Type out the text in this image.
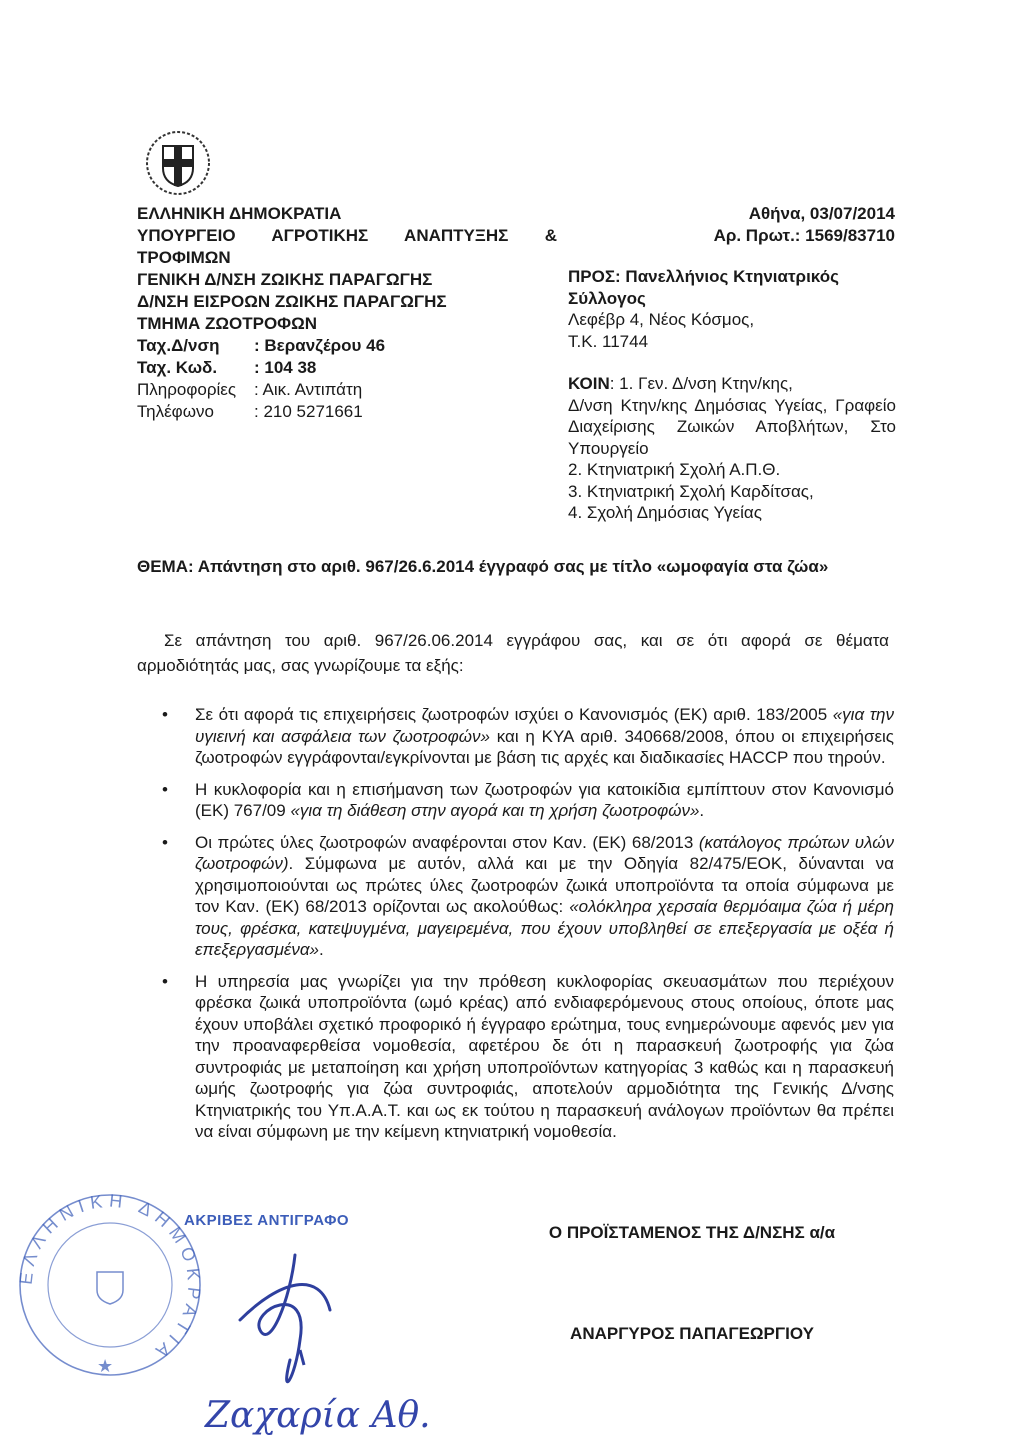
ΕΛΛΗΝΙΚΗ ΔΗΜΟΚΡΑΤΙΑ
ΥΠΟΥΡΓΕΙΟ ΑΓΡΟΤΙΚΗΣ ΑΝΑΠΤΥΞΗΣ & ΤΡΟΦΙΜΩΝ
ΓΕΝΙΚΗ Δ/ΝΣΗ ΖΩΙΚΗΣ ΠΑΡΑΓΩΓΗΣ
Δ/ΝΣΗ ΕΙΣΡΟΩΝ ΖΩΙΚΗΣ ΠΑΡΑΓΩΓΗΣ
ΤΜΗΜΑ ΖΩΟΤΡΟΦΩΝ
Ταχ.Δ/νση	: Βερανζέρου 46
Ταχ. Κωδ.	: 104 38
Πληροφορίες	: Αικ. Αντιπάτη
Τηλέφωνο	: 210 5271661
Αθήνα, 03/07/2014
Αρ. Πρωτ.: 1569/83710
ΠΡΟΣ: Πανελλήνιος Κτηνιατρικός Σύλλογος
Λεφέβρ 4, Νέος Κόσμος,
Τ.Κ. 11744
ΚΟΙΝ: 1. Γεν. Δ/νση Κτην/κης,
Δ/νση Κτην/κης Δημόσιας Υγείας, Γραφείο Διαχείρισης Ζωικών Αποβλήτων, Στο Υπουργείο
2. Κτηνιατρική Σχολή Α.Π.Θ.
3. Κτηνιατρική Σχολή Καρδίτσας,
4. Σχολή Δημόσιας Υγείας
ΘΕΜΑ: Απάντηση στο αριθ. 967/26.6.2014 έγγραφό σας με τίτλο «ωμοφαγία στα ζώα»
Σε απάντηση του αριθ. 967/26.06.2014 εγγράφου σας, και σε ότι αφορά σε θέματα αρμοδιότητάς μας, σας γνωρίζουμε τα εξής:
• Σε ότι αφορά τις επιχειρήσεις ζωοτροφών ισχύει ο Κανονισμός (ΕΚ) αριθ. 183/2005 «για την υγιεινή και ασφάλεια των ζωοτροφών» και η ΚΥΑ αριθ. 340668/2008, όπου οι επιχειρήσεις ζωοτροφών εγγράφονται/εγκρίνονται με βάση τις αρχές και διαδικασίες HACCP που τηρούν.
• Η κυκλοφορία και η επισήμανση των ζωοτροφών για κατοικίδια εμπίπτουν στον Κανονισμό (ΕΚ) 767/09 «για τη διάθεση στην αγορά και τη χρήση ζωοτροφών».
• Οι πρώτες ύλες ζωοτροφών αναφέρονται στον Καν. (ΕΚ) 68/2013 (κατάλογος πρώτων υλών ζωοτροφών). Σύμφωνα με αυτόν, αλλά και με την Οδηγία 82/475/ΕΟΚ, δύνανται να χρησιμοποιούνται ως πρώτες ύλες ζωοτροφών ζωικά υποπροϊόντα τα οποία σύμφωνα με τον Καν. (ΕΚ) 68/2013 ορίζονται ως ακολούθως: «ολόκληρα χερσαία θερμόαιμα ζώα ή μέρη τους, φρέσκα, κατεψυγμένα, μαγειρεμένα, που έχουν υποβληθεί σε επεξεργασία με οξέα ή επεξεργασμένα».
• Η υπηρεσία μας γνωρίζει για την πρόθεση κυκλοφορίας σκευασμάτων που περιέχουν φρέσκα ζωικά υποπροϊόντα (ωμό κρέας) από ενδιαφερόμενους στους οποίους, όποτε μας έχουν υποβάλει σχετικό προφορικό ή έγγραφο ερώτημα, τους ενημερώνουμε αφενός μεν για την προαναφερθείσα νομοθεσία, αφετέρου δε ότι η παρασκευή ζωοτροφής για ζώα συντροφιάς με μεταποίηση και χρήση υποπροϊόντων κατηγορίας 3 καθώς και η παρασκευή ωμής ζωοτροφής για ζώα συντροφιάς, αποτελούν αρμοδιότητα της Γενικής Δ/νσης Κτηνιατρικής του Υπ.Α.Α.Τ. και ως εκ τούτου η παρασκευή ανάλογων προϊόντων θα πρέπει να είναι σύμφωνη με την κείμενη κτηνιατρική νομοθεσία.
ΕΛΛΗΝΙΚΗ ΔΗΜΟΚΡΑΤΙΑ
★
ΑΚΡΙΒΕΣ ΑΝΤΙΓΡΑΦΟ
Ζαχαρία Αθ.
Ο ΠΡΟΪΣΤΑΜΕΝΟΣ ΤΗΣ Δ/ΝΣΗΣ α/α
ΑΝΑΡΓΥΡΟΣ ΠΑΠΑΓΕΩΡΓΙΟΥ
